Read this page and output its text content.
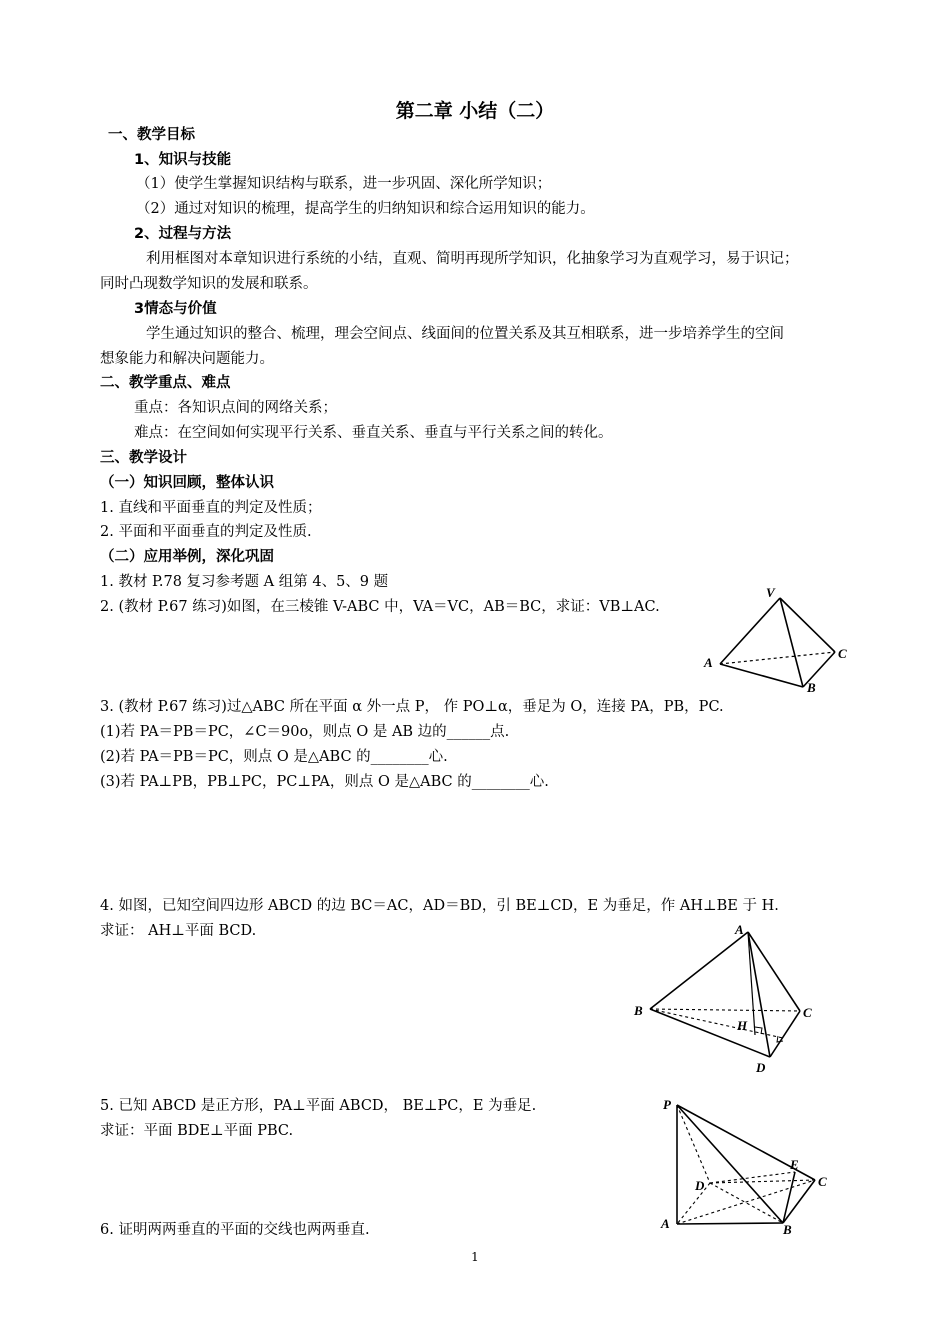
第二章 小结（二）
一、教学目标
1、知识与技能
（1）使学生掌握知识结构与联系，进一步巩固、深化所学知识；
（2）通过对知识的梳理，提高学生的归纳知识和综合运用知识的能力。
2、过程与方法
利用框图对本章知识进行系统的小结，直观、简明再现所学知识，化抽象学习为直观学习，易于识记；
同时凸现数学知识的发展和联系。
3情态与价值
学生通过知识的整合、梳理，理会空间点、线面间的位置关系及其互相联系，进一步培养学生的空间
想象能力和解决问题能力。
二、教学重点、难点
重点：各知识点间的网络关系；
难点：在空间如何实现平行关系、垂直关系、垂直与平行关系之间的转化。
三、教学设计
（一）知识回顾，整体认识
1. 直线和平面垂直的判定及性质；
2. 平面和平面垂直的判定及性质.
（二）应用举例，深化巩固
1. 教材 P.78 复习参考题 A 组第 4、5、9 题
2. (教材 P.67 练习)如图，在三棱锥 V-ABC 中，VA＝VC，AB＝BC，求证：VB⊥AC.
3. (教材 P.67 练习)过△ABC 所在平面 α 外一点 P， 作 PO⊥α，垂足为 O，连接 PA，PB，PC.
(1)若 PA＝PB＝PC，∠C＝90o，则点 O 是 AB 边的______点.
(2)若 PA＝PB＝PC，则点 O 是△ABC 的________心.
(3)若 PA⊥PB，PB⊥PC，PC⊥PA，则点 O 是△ABC 的________心.
4. 如图，已知空间四边形 ABCD 的边 BC＝AC，AD＝BD，引 BE⊥CD，E 为垂足，作 AH⊥BE 于 H.
求证： AH⊥平面 BCD.
5. 已知 ABCD 是正方形，PA⊥平面 ABCD， BE⊥PC，E 为垂足.
求证：平面 BDE⊥平面 PBC.
6. 证明两两垂直的平面的交线也两两垂直.
V
A
B
C
A
B	C
D
H
P
A	B
C
D
E
1
